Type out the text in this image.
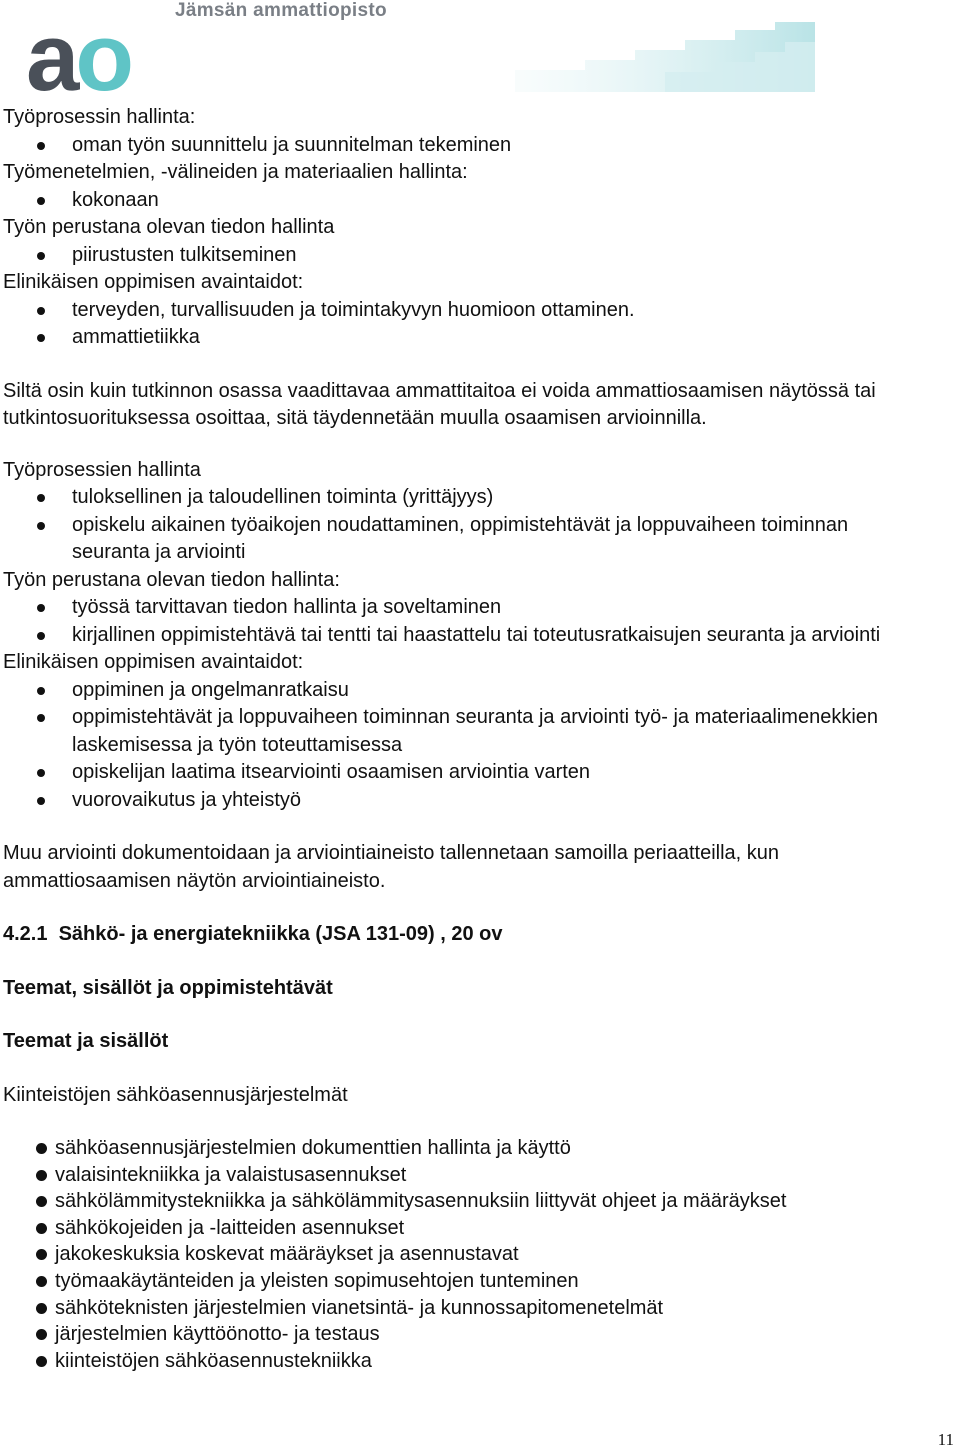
ao Jämsän ammattiopisto
Työprosessin hallinta:
oman työn suunnittelu ja suunnitelman tekeminen
Työmenetelmien, -välineiden ja materiaalien hallinta:
kokonaan
Työn perustana olevan tiedon hallinta
piirustusten tulkitseminen
Elinikäisen oppimisen avaintaidot:
terveyden, turvallisuuden ja toimintakyvyn huomioon ottaminen.
ammattietiikka
Siltä osin kuin tutkinnon osassa vaadittavaa ammattitaitoa ei voida ammattiosaamisen näytössä tai tutkintosuorituksessa osoittaa, sitä täydennetään muulla osaamisen arvioinnilla.
Työprosessien hallinta
tuloksellinen ja taloudellinen toiminta (yrittäjyys)
opiskelu aikainen työaikojen noudattaminen, oppimistehtävät ja loppuvaiheen toiminnan seuranta ja arviointi
Työn perustana olevan tiedon hallinta:
työssä tarvittavan tiedon hallinta ja soveltaminen
kirjallinen oppimistehtävä tai tentti tai haastattelu tai toteutusratkaisujen seuranta ja arviointi
Elinikäisen oppimisen avaintaidot:
oppiminen ja ongelmanratkaisu
oppimistehtävät ja loppuvaiheen toiminnan seuranta ja arviointi työ- ja materiaalimenekkien laskemisessa ja työn toteuttamisessa
opiskelijan laatima itsearviointi osaamisen arviointia varten
vuorovaikutus ja yhteistyö
Muu arviointi dokumentoidaan ja arviointiaineisto tallennetaan samoilla periaatteilla, kun ammattiosaamisen näytön arviointiaineisto.
4.2.1  Sähkö- ja energiatekniikka (JSA 131-09) , 20 ov
Teemat, sisällöt ja oppimistehtävät
Teemat ja sisällöt
Kiinteistöjen sähköasennusjärjestelmät
sähköasennusjärjestelmien dokumenttien hallinta ja käyttö
valaisintekniikka ja valaistusasennukset
sähkölämmitystekniikka ja sähkölämmitysasennuksiin liittyvät ohjeet ja määräykset
sähkökojeiden ja -laitteiden asennukset
jakokeskuksia koskevat määräykset ja asennustavat
työmaakäytänteiden ja yleisten sopimusehtojen tunteminen
sähköteknisten järjestelmien vianetsintä- ja kunnossapitomenetelmät
järjestelmien käyttöönotto- ja testaus
kiinteistöjen sähköasennustekniikka
11
